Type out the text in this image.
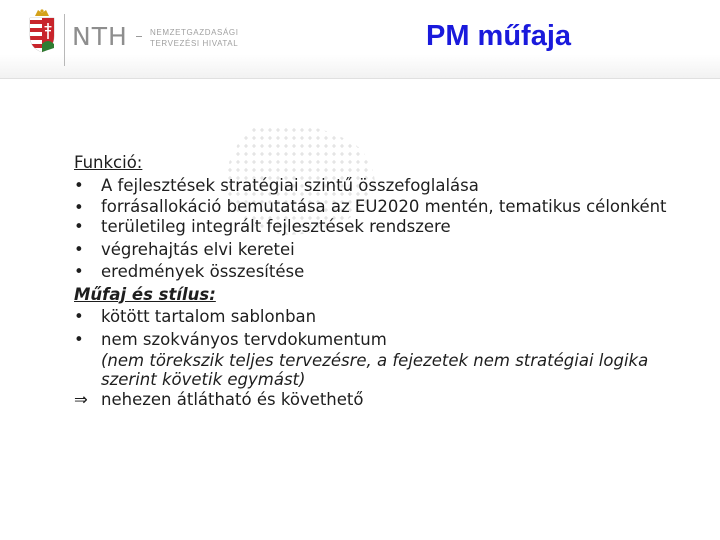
NTH	NEMZETGAZDASÁGI
TERVEZÉSI HIVATAL	PM műfaja
Funkció:
• A fejlesztések stratégiai szintű összefoglalása
• forrásallokáció bemutatása az EU2020 mentén, tematikus célonként
• területileg integrált fejlesztések rendszere
• végrehajtás elvi keretei
• eredmények összesítése
Műfaj és stílus:
• kötött tartalom sablonban
• nem szokványos tervdokumentum
(nem törekszik teljes tervezésre, a fejezetek nem stratégiai logika szerint követik egymást)
⇒ nehezen átlátható és követhető
